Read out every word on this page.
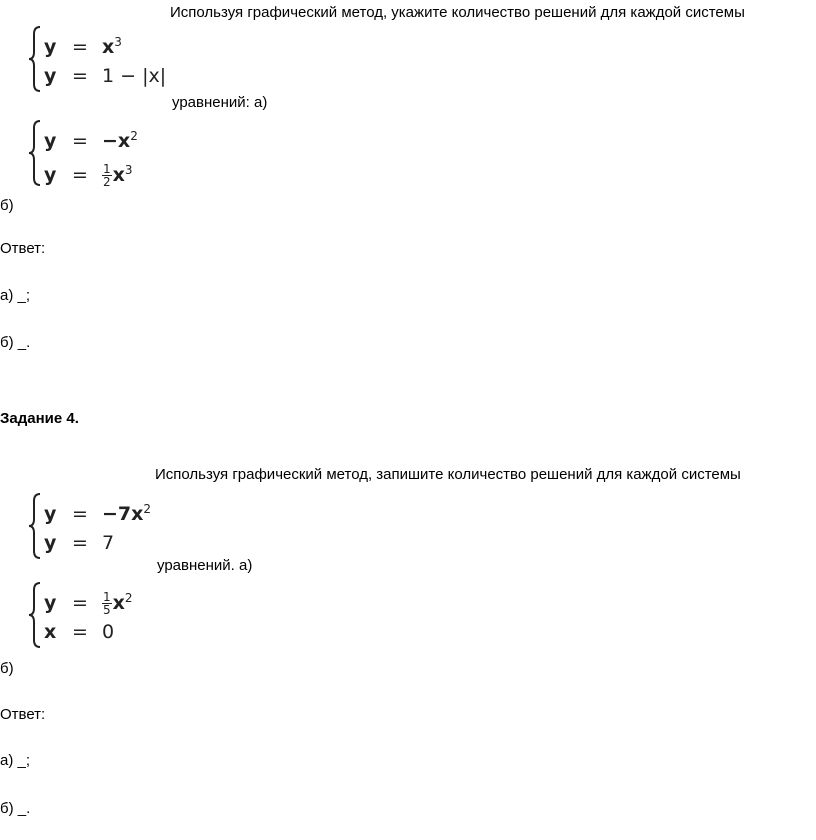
Используя графический метод, укажите количество решений для каждой системы
$y = x^3$
y = 1 − |x|
уравнений: а)
$y = -x^2$
$y = \frac{1}{2} x^3$
б)
Ответ:
а) _;
б) _.
Задание 4.
Используя графический метод, запишите количество решений для каждой системы
$y = -7x^2$
y = 7
уравнений. а)
$y = \frac{1}{5} x^2$
x = 0
б)
Ответ:
а) _;
б) _.
